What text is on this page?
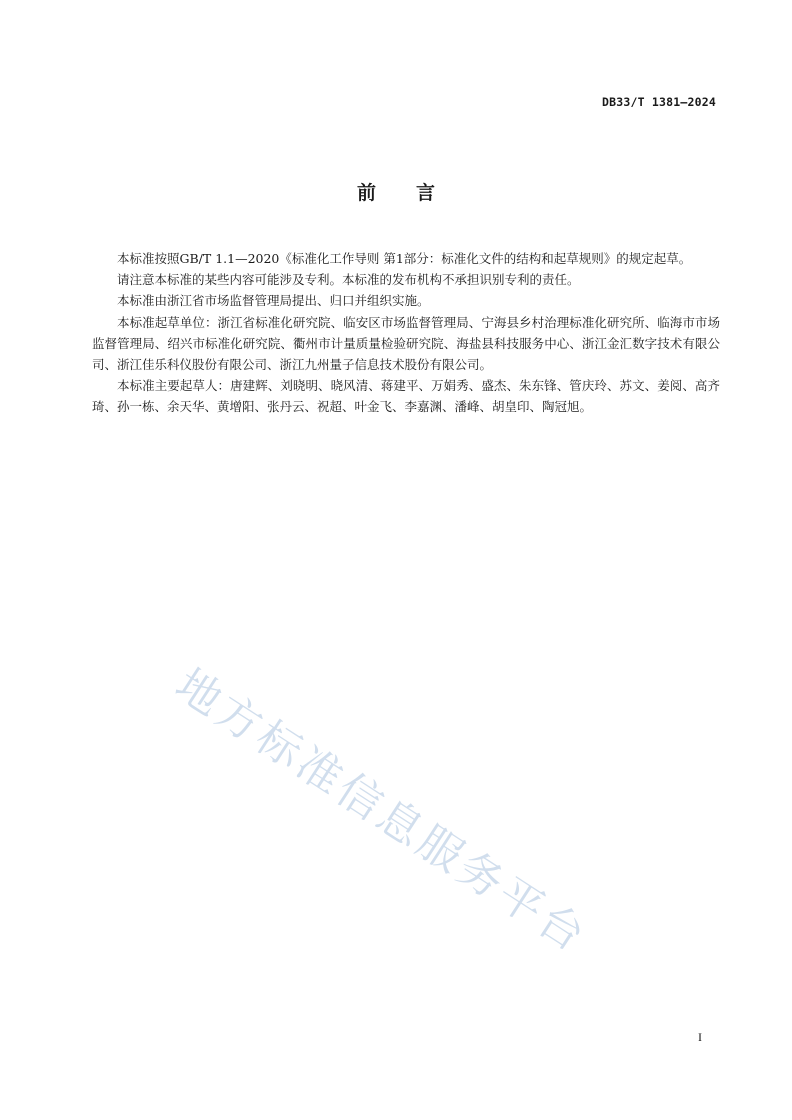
DB33/T 1381—2024
前言

本标准按照GB/T 1.1—2020《标准化工作导则 第1部分：标准化文件的结构和起草规则》的规定起草。

请注意本标准的某些内容可能涉及专利。本标准的发布机构不承担识别专利的责任。

本标准由浙江省市场监督管理局提出、归口并组织实施。

本标准起草单位：浙江省标准化研究院、临安区市场监督管理局、宁海县乡村治理标准化研究所、临海市市场监督管理局、绍兴市标准化研究院、衢州市计量质量检验研究院、海盐县科技服务中心、浙江金汇数字技术有限公司、浙江佳乐科仪股份有限公司、浙江九州量子信息技术股份有限公司。

本标准主要起草人：唐建辉、刘晓明、晓风清、蒋建平、万娟秀、盛杰、朱东锋、管庆玲、苏文、姜阅、高齐琦、孙一栋、余天华、黄增阳、张丹云、祝超、叶金飞、李嘉渊、潘峰、胡皇印、陶冠旭。

地方标准信息服务平台
I
